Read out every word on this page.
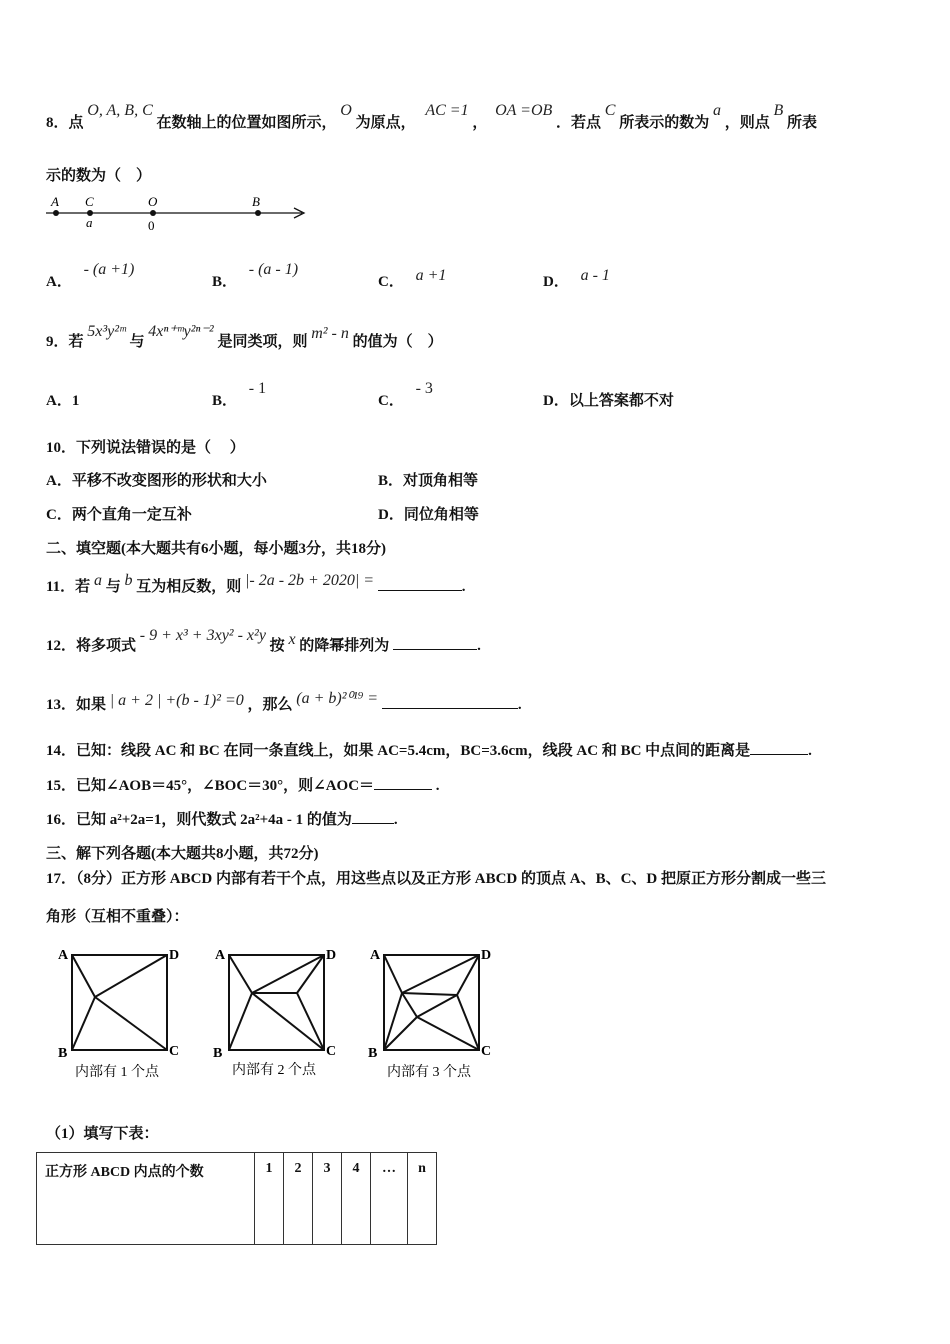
8．点 O, A, B, C 在数轴上的位置如图所示， O 为原点， AC =1 ， OA =OB ．若点 C 所表示的数为 a ，则点 B 所表
示的数为（　）
A C	O	B
a	0
A． - (a +1)
B． - (a - 1)
C． a +1	D． a - 1
9．若 5x³y²ᵐ 与 4xⁿ⁺ᵐy²ⁿ⁻² 是同类项，则 m² - n 的值为（　）
A．1	B． - 1
C． - 3
D．以上答案都不对
10．下列说法错误的是（　 ）
A．平移不改变图形的形状和大小	B．对顶角相等
C．两个直角一定互补	D．同位角相等
二、填空题(本大题共有6小题，每小题3分，共18分)
11．若 a 与 b 互为相反数，则 |- 2a - 2b + 2020| =	.
12．将多项式 - 9 + x³ + 3xy² - x²y 按 x 的降幂排列为	.
13．如果 | a + 2 | +(b - 1)² =0 ，那么 (a + b)²⁰¹⁹ =	.
14．已知：线段 AC 和 BC 在同一条直线上，如果 AC=5.4cm，BC=3.6cm，线段 AC 和 BC 中点间的距离是	.
15．已知∠AOB＝45°，∠BOC＝30°，则∠AOC＝	.
16．已知 a²+2a=1，则代数式 2a²+4a - 1 的值为	.
三、解下列各题(本大题共8小题，共72分)
17．（8分）正方形 ABCD 内部有若干个点，用这些点以及正方形 ABCD 的顶点 A、B、C、D 把原正方形分割成一些三
角形（互相不重叠）：
A	D
B	C
内部有 1 个点
A	D
B	C
内部有 2 个点
A	D
B	C
内部有 3 个点
（1）填写下表：
正方形 ABCD 内点的个数	1	2	3	4	…	n
